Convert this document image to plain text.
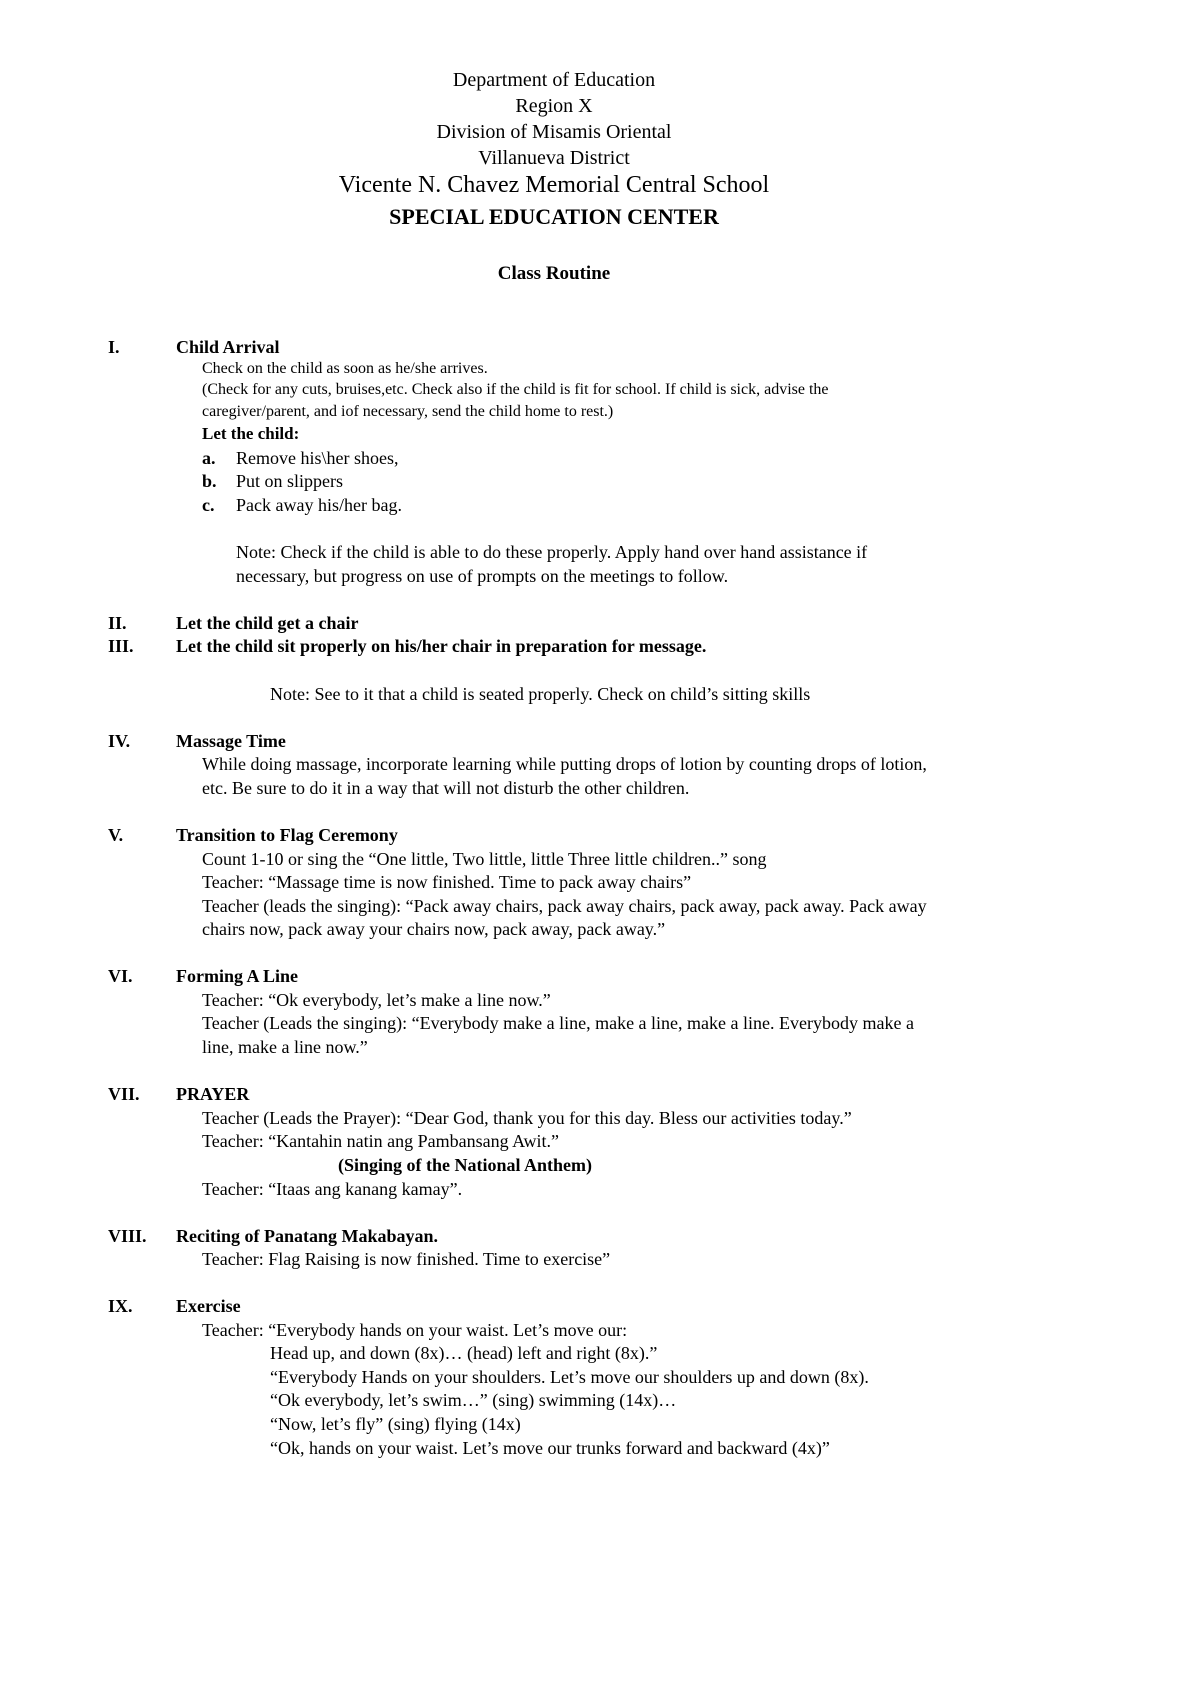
Department of Education
Region X
Division of Misamis Oriental
Villanueva District
Vicente N. Chavez Memorial Central School
SPECIAL EDUCATION CENTER
Class Routine
I.	Child Arrival
Check on the child as soon as he/she arrives.
(Check for any cuts, bruises,etc. Check also if the child is fit for school. If child is sick, advise the
caregiver/parent, and iof necessary, send the child home to rest.)
Let the child:
a. Remove his\her shoes,
b. Put on slippers
c. Pack away his/her bag.
Note: Check if the child is able to do these properly. Apply hand over hand assistance if
necessary, but progress on use of prompts on the meetings to follow.
II.	Let the child get a chair
III. Let the child sit properly on his/her chair in preparation for message.
Note: See to it that a child is seated properly. Check on child’s sitting skills
IV.	Massage Time
While doing massage, incorporate learning while putting drops of lotion by counting drops of lotion,
etc. Be sure to do it in a way that will not disturb the other children.
V.	Transition to Flag Ceremony
Count 1-10 or sing the “One little, Two little, little Three little children..” song
Teacher: “Massage time is now finished. Time to pack away chairs”
Teacher (leads the singing): “Pack away chairs, pack away chairs, pack away, pack away. Pack away
chairs now, pack away your chairs now, pack away, pack away.”
VI. Forming A Line
Teacher: “Ok everybody, let’s make a line now.”
Teacher (Leads the singing): “Everybody make a line, make a line, make a line. Everybody make a
line, make a line now.”
VII. PRAYER
Teacher (Leads the Prayer): “Dear God, thank you for this day. Bless our activities today.”
Teacher: “Kantahin natin ang Pambansang Awit.”
(Singing of the National Anthem)
Teacher: “Itaas ang kanang kamay”.
VIII. Reciting of Panatang Makabayan.
Teacher: Flag Raising is now finished. Time to exercise”
IX. Exercise
Teacher: “Everybody hands on your waist. Let’s move our:
Head up, and down (8x)… (head) left and right (8x).”
“Everybody Hands on your shoulders. Let’s move our shoulders up and down (8x).
“Ok everybody, let’s swim…” (sing) swimming (14x)…
“Now, let’s fly” (sing) flying (14x)
“Ok, hands on your waist. Let’s move our trunks forward and backward (4x)”
